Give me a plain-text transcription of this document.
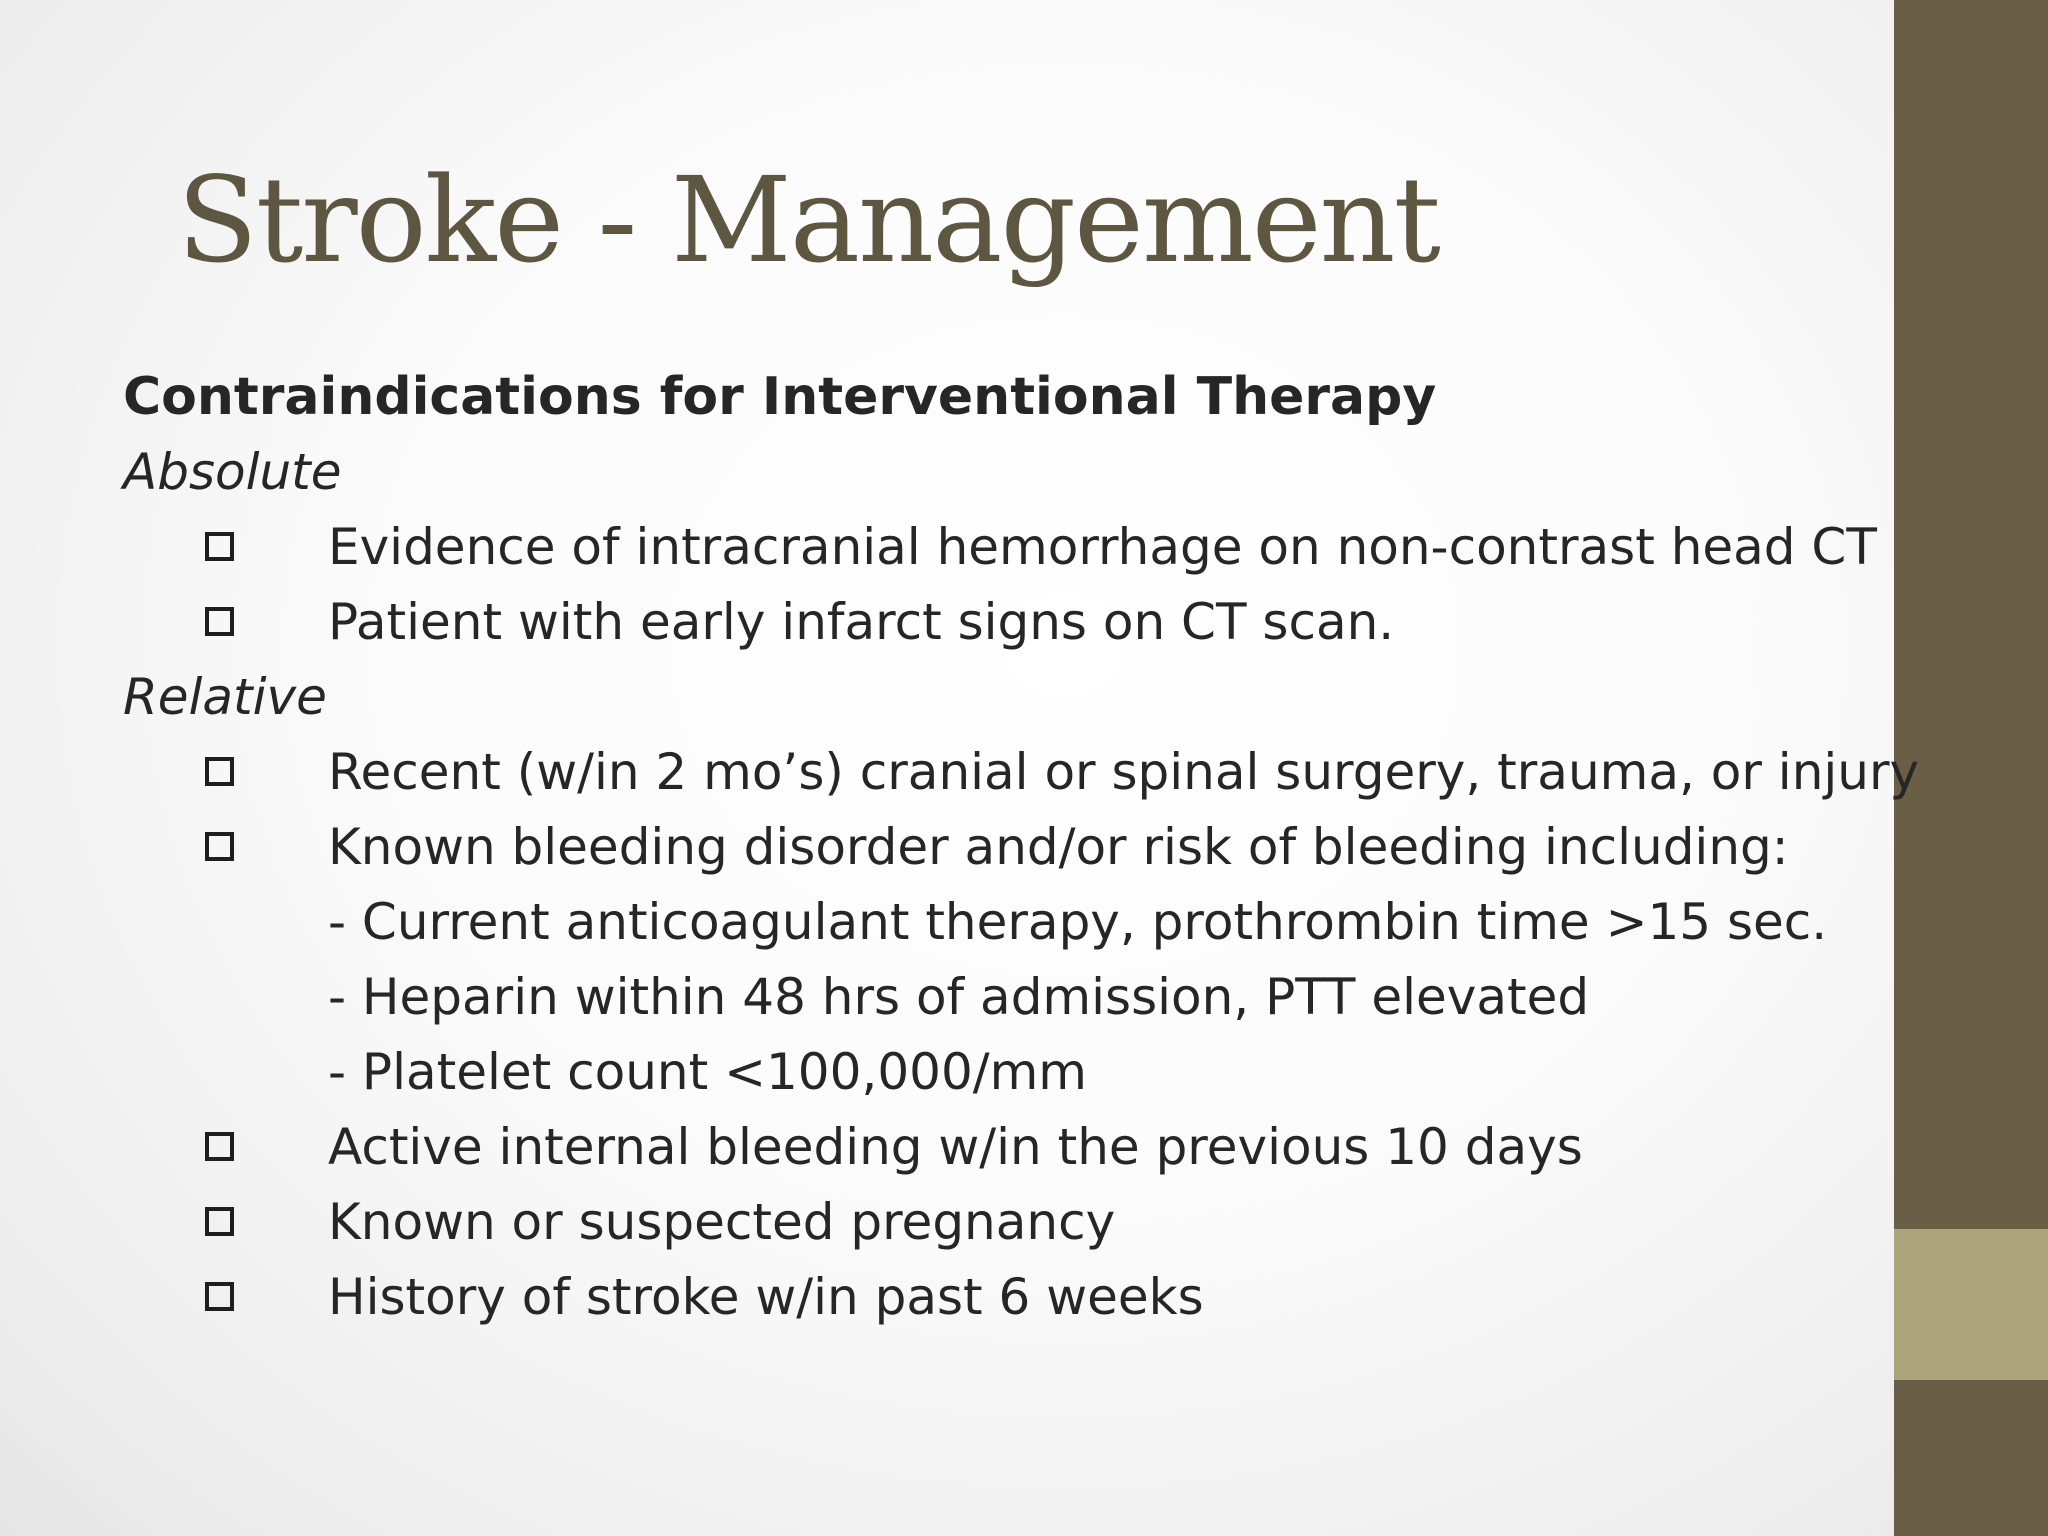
Stroke - Management
Contraindications for Interventional Therapy
Absolute
Evidence of intracranial hemorrhage on non-contrast head CT
Patient with early infarct signs on CT scan.
Relative
Recent (w/in 2 mo’s) cranial or spinal surgery, trauma, or injury
Known bleeding disorder and/or risk of bleeding including:
- Current anticoagulant therapy, prothrombin time >15 sec.
- Heparin within 48 hrs of admission, PTT elevated
- Platelet count <100,000/mm
Active internal bleeding w/in the previous 10 days
Known or suspected pregnancy
History of stroke w/in past 6 weeks
